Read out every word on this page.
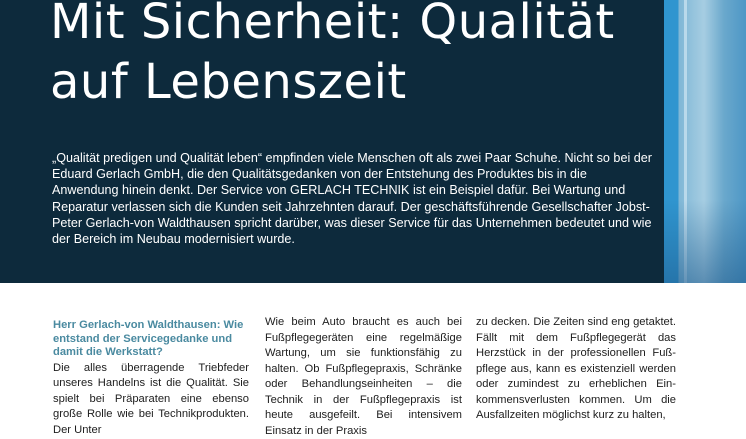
Mit Sicherheit: Qualität auf Lebenszeit

„Qualität predigen und Qualität leben“ empfinden viele Menschen oft als zwei Paar Schuhe. Nicht so bei der Eduard Gerlach GmbH, die den Qualitätsgedanken von der Entstehung des Produktes bis in die Anwendung hinein denkt. Der Service von GERLACH TECHNIK ist ein Beispiel dafür. Bei Wartung und Reparatur verlassen sich die Kunden seit Jahrzehnten darauf. Der geschäftsführende Gesellschafter Jobst-Peter Gerlach-von Waldthausen spricht darüber, was dieser Service für das Unternehmen bedeutet und wie der Bereich im Neubau modernisiert wurde.

Herr Gerlach-von Waldthausen: Wie entstand der Servicegedanke und damit die Werkstatt?
Die alles überragende Triebfeder unseres Handelns ist die Qualität. Sie spielt bei Präparaten eine ebenso große Rolle wie bei Technikprodukten. Der Unter

Wie beim Auto braucht es auch bei Fußpflegegeräten eine regelmäßige Wartung, um sie funktionsfähig zu halten. Ob Fußpflegepraxis, Schränke oder Behandlungseinheiten – die Technik in der Fußpflegepraxis ist heute ausgefeilt. Bei intensivem Einsatz in der Praxis

zu decken. Die Zeiten sind eng getaktet. Fällt mit dem Fußpflegegerät das Herzstück in der professionellen Fußpflege aus, kann es existenziell werden oder zumindest zu erheblichen Einkommensverlusten kommen. Um die Ausfallzeiten möglichst kurz zu halten,
